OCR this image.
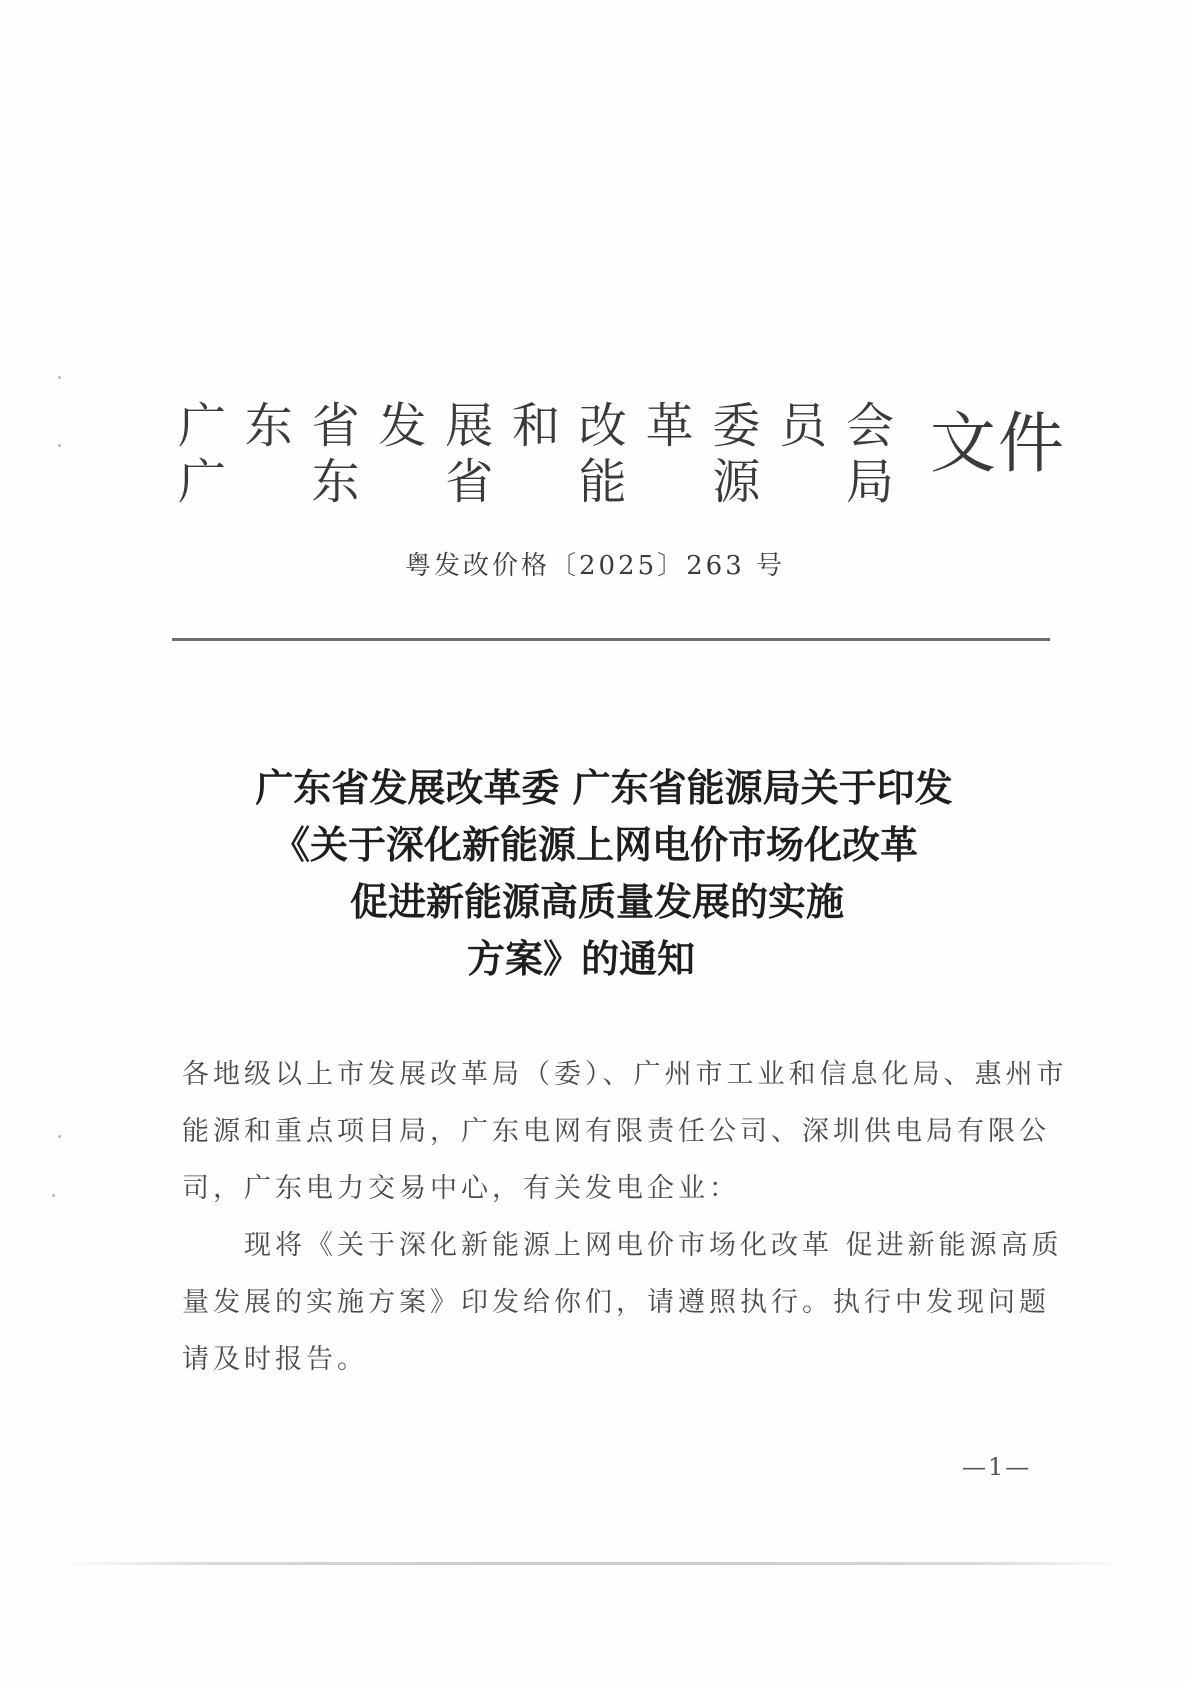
广 东 省 发 展 和 改 革 委 员 会
广 东 省 能 源 局 文件
粤发改价格〔2025〕263 号
广东省发展改革委 广东省能源局关于印发
《关于深化新能源上网电价市场化改革
促进新能源高质量发展的实施
方案》的通知
各地级以上市发展改革局（委）、广州市工业和信息化局、惠州市
能源和重点项目局，广东电网有限责任公司、深圳供电局有限公
司，广东电力交易中心，有关发电企业：
现将《关于深化新能源上网电价市场化改革 促进新能源高质
量发展的实施方案》印发给你们，请遵照执行。执行中发现问题
请及时报告。
—1—
